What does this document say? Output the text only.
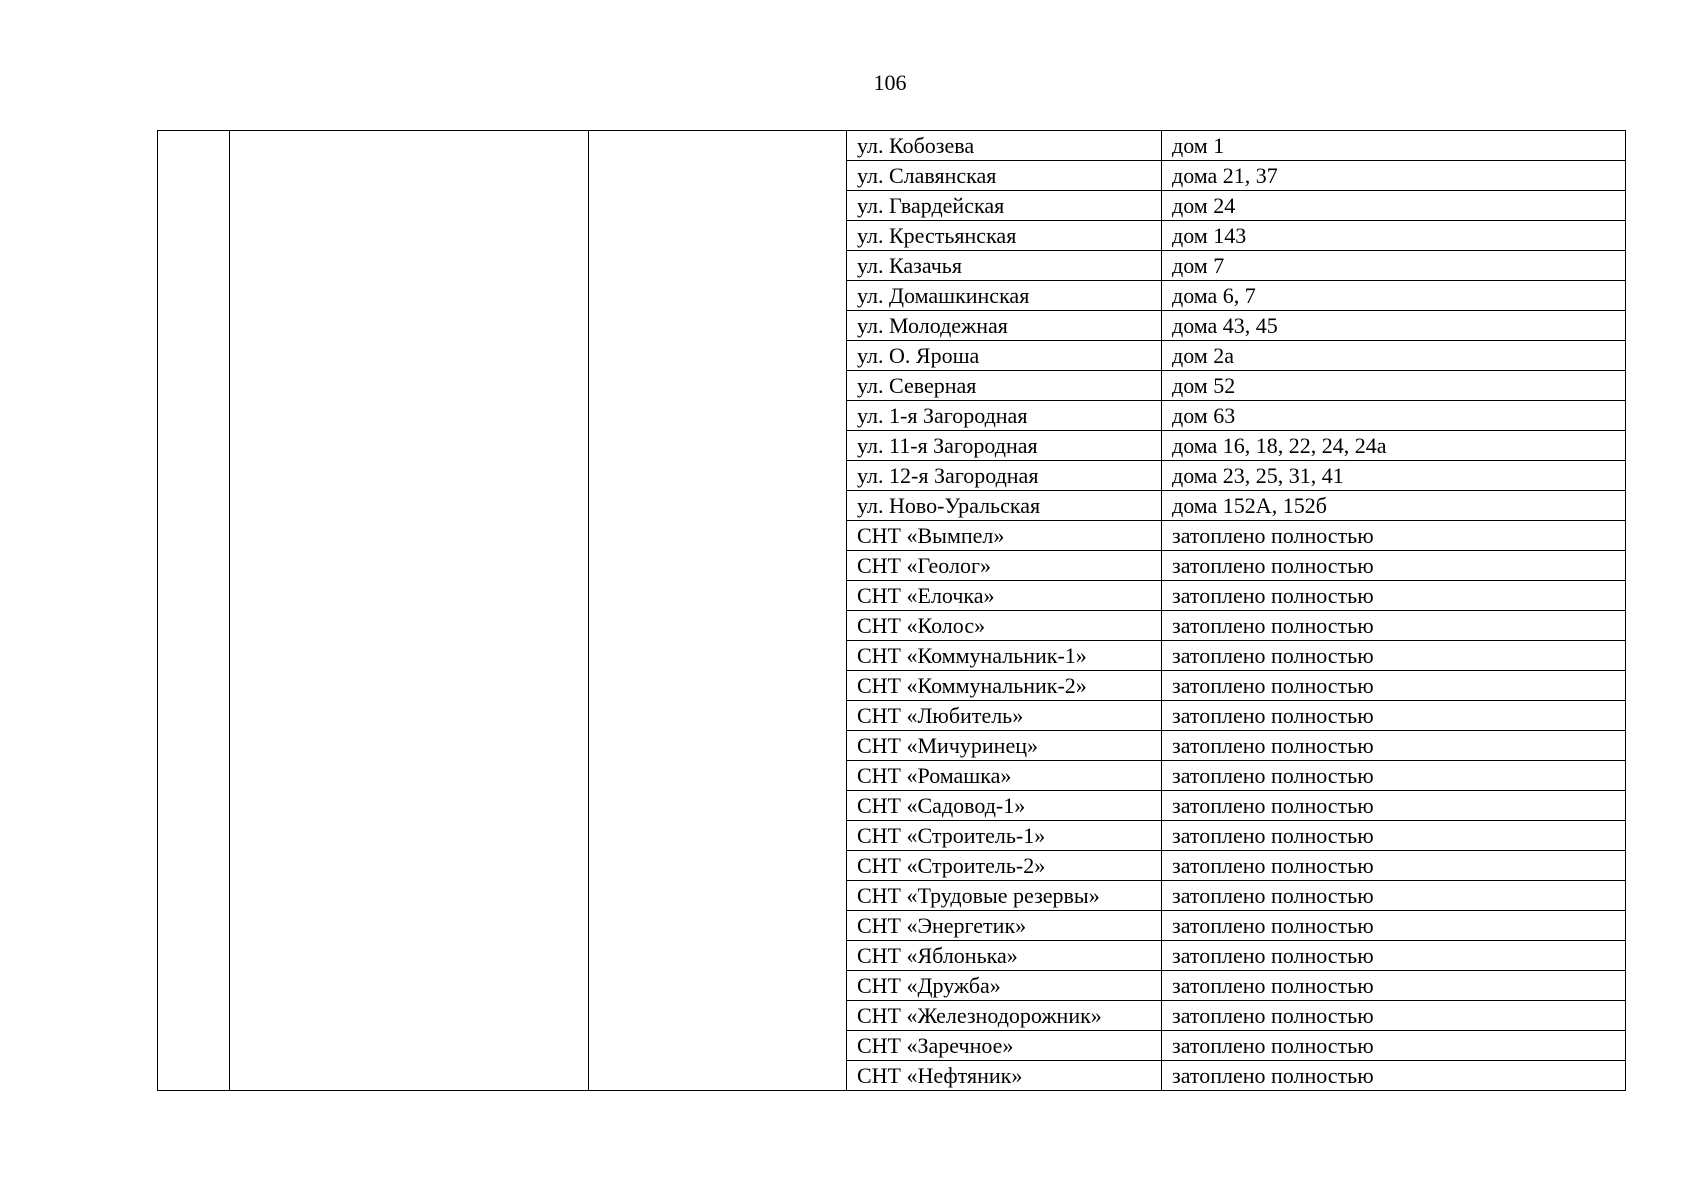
106
			ул. Кобозева	дом 1
			ул. Славянская	дома 21, 37
			ул. Гвардейская	дом 24
			ул. Крестьянская	дом 143
			ул. Казачья	дом 7
			ул. Домашкинская	дома 6, 7
			ул. Молодежная	дома 43, 45
			ул. О. Яроша	дом 2а
			ул. Северная	дом 52
			ул. 1-я Загородная	дом 63
			ул. 11-я Загородная	дома 16, 18, 22, 24, 24а
			ул. 12-я Загородная	дома 23, 25, 31, 41
			ул. Ново-Уральская	дома 152А, 152б
			СНТ «Вымпел»	затоплено полностью
			СНТ «Геолог»	затоплено полностью
			СНТ «Елочка»	затоплено полностью
			СНТ «Колос»	затоплено полностью
			СНТ «Коммунальник-1»	затоплено полностью
			СНТ «Коммунальник-2»	затоплено полностью
			СНТ «Любитель»	затоплено полностью
			СНТ «Мичуринец»	затоплено полностью
			СНТ «Ромашка»	затоплено полностью
			СНТ «Садовод-1»	затоплено полностью
			СНТ «Строитель-1»	затоплено полностью
			СНТ «Строитель-2»	затоплено полностью
			СНТ «Трудовые резервы»	затоплено полностью
			СНТ «Энергетик»	затоплено полностью
			СНТ «Яблонька»	затоплено полностью
			СНТ «Дружба»	затоплено полностью
			СНТ «Железнодорожник»	затоплено полностью
			СНТ «Заречное»	затоплено полностью
			СНТ «Нефтяник»	затоплено полностью
